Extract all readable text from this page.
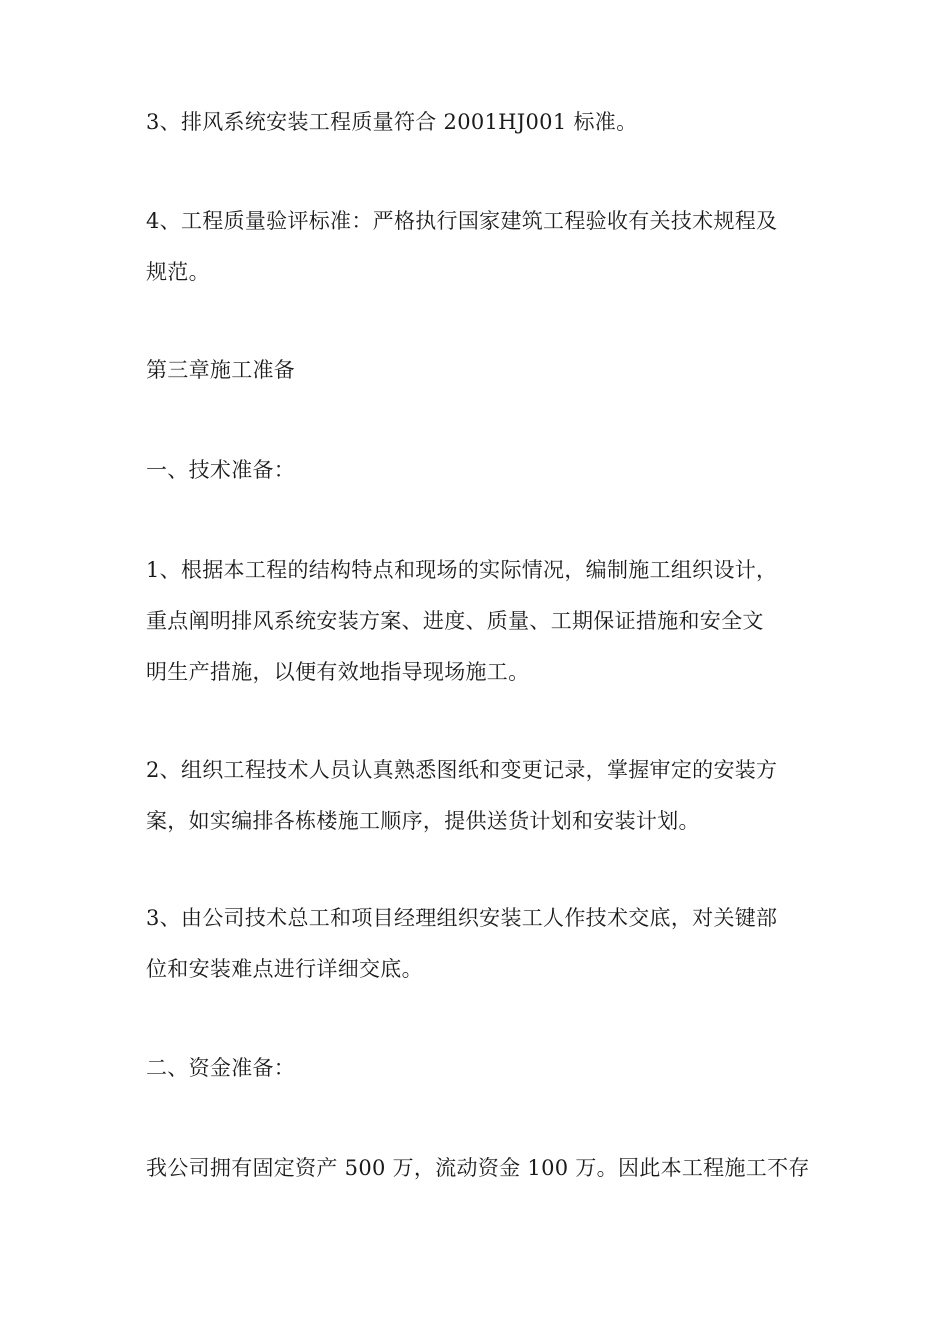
3、排风系统安装工程质量符合 2001HJ001 标准。

4、工程质量验评标准：严格执行国家建筑工程验收有关技术规程及
规范。

第三章施工准备

一、技术准备：

1、根据本工程的结构特点和现场的实际情况，编制施工组织设计，
重点阐明排风系统安装方案、进度、质量、工期保证措施和安全文
明生产措施，以便有效地指导现场施工。

2、组织工程技术人员认真熟悉图纸和变更记录，掌握审定的安装方
案，如实编排各栋楼施工顺序，提供送货计划和安装计划。

3、由公司技术总工和项目经理组织安装工人作技术交底，对关键部
位和安装难点进行详细交底。

二、资金准备：

我公司拥有固定资产 500 万，流动资金 100 万。因此本工程施工不存
